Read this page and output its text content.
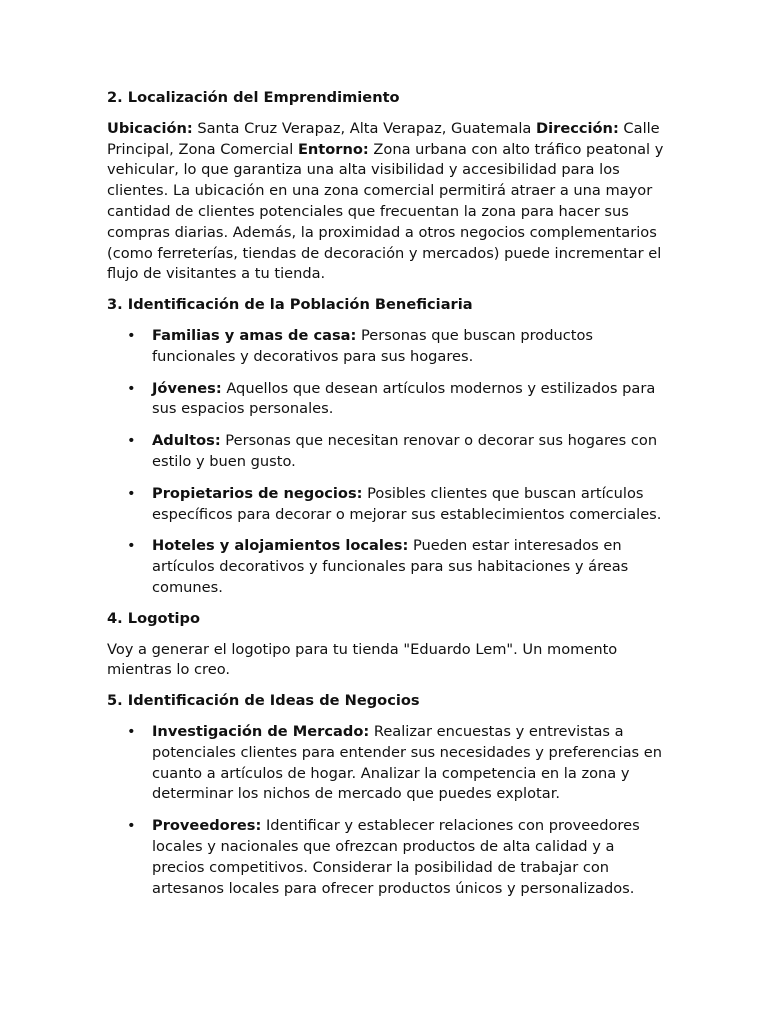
2. Localización del Emprendimiento

Ubicación: Santa Cruz Verapaz, Alta Verapaz, Guatemala Dirección: Calle Principal, Zona Comercial Entorno: Zona urbana con alto tráfico peatonal y vehicular, lo que garantiza una alta visibilidad y accesibilidad para los clientes. La ubicación en una zona comercial permitirá atraer a una mayor cantidad de clientes potenciales que frecuentan la zona para hacer sus compras diarias. Además, la proximidad a otros negocios complementarios (como ferreterías, tiendas de decoración y mercados) puede incrementar el flujo de visitantes a tu tienda.

3. Identificación de la Población Beneficiaria
• Familias y amas de casa: Personas que buscan productos funcionales y decorativos para sus hogares.
• Jóvenes: Aquellos que desean artículos modernos y estilizados para sus espacios personales.
• Adultos: Personas que necesitan renovar o decorar sus hogares con estilo y buen gusto.
• Propietarios de negocios: Posibles clientes que buscan artículos específicos para decorar o mejorar sus establecimientos comerciales.
• Hoteles y alojamientos locales: Pueden estar interesados en artículos decorativos y funcionales para sus habitaciones y áreas comunes.
4. Logotipo

Voy a generar el logotipo para tu tienda "Eduardo Lem". Un momento mientras lo creo.

5. Identificación de Ideas de Negocios
• Investigación de Mercado: Realizar encuestas y entrevistas a potenciales clientes para entender sus necesidades y preferencias en cuanto a artículos de hogar. Analizar la competencia en la zona y determinar los nichos de mercado que puedes explotar.
• Proveedores: Identificar y establecer relaciones con proveedores locales y nacionales que ofrezcan productos de alta calidad y a precios competitivos. Considerar la posibilidad de trabajar con artesanos locales para ofrecer productos únicos y personalizados.
